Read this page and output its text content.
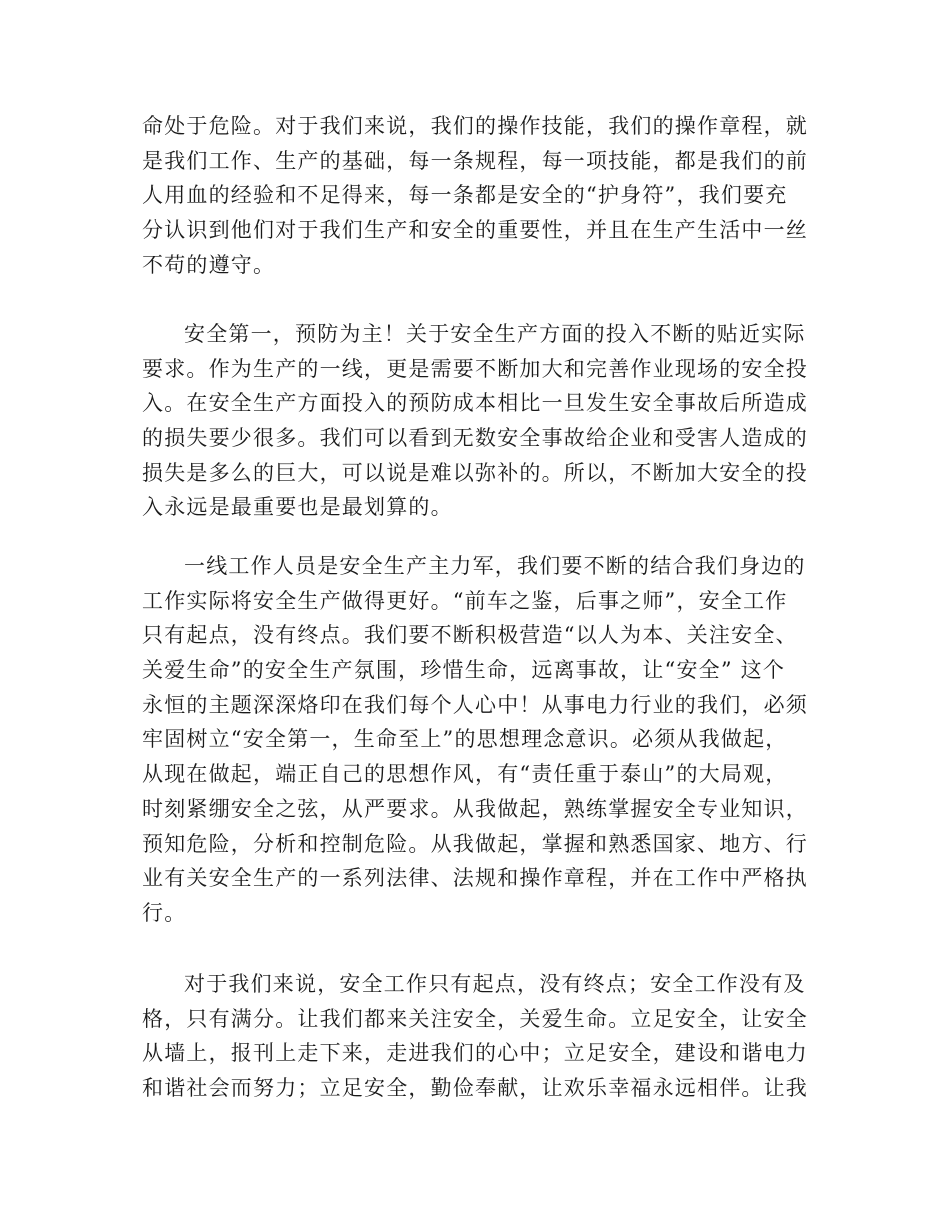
命处于危险。对于我们来说，我们的操作技能，我们的操作章程，就
是我们工作、生产的基础，每一条规程，每一项技能，都是我们的前
人用血的经验和不足得来，每一条都是安全的“护身符”，我们要充
分认识到他们对于我们生产和安全的重要性，并且在生产生活中一丝
不苟的遵守。
安全第一，预防为主！关于安全生产方面的投入不断的贴近实际
要求。作为生产的一线，更是需要不断加大和完善作业现场的安全投
入。在安全生产方面投入的预防成本相比一旦发生安全事故后所造成
的损失要少很多。我们可以看到无数安全事故给企业和受害人造成的
损失是多么的巨大，可以说是难以弥补的。所以，不断加大安全的投
入永远是最重要也是最划算的。
一线工作人员是安全生产主力军，我们要不断的结合我们身边的
工作实际将安全生产做得更好。“前车之鉴，后事之师”，安全工作
只有起点，没有终点。我们要不断积极营造“以人为本、关注安全、
关爱生命”的安全生产氛围，珍惜生命，远离事故，让“安全” 这个
永恒的主题深深烙印在我们每个人心中！从事电力行业的我们，必须
牢固树立“安全第一，生命至上”的思想理念意识。必须从我做起，
从现在做起，端正自己的思想作风，有“责任重于泰山”的大局观，
时刻紧绷安全之弦，从严要求。从我做起，熟练掌握安全专业知识，
预知危险，分析和控制危险。从我做起，掌握和熟悉国家、地方、行
业有关安全生产的一系列法律、法规和操作章程，并在工作中严格执
行。
对于我们来说，安全工作只有起点，没有终点；安全工作没有及
格，只有满分。让我们都来关注安全，关爱生命。立足安全，让安全
从墙上，报刊上走下来，走进我们的心中；立足安全，建设和谐电力
和谐社会而努力；立足安全，勤俭奉献，让欢乐幸福永远相伴。让我
